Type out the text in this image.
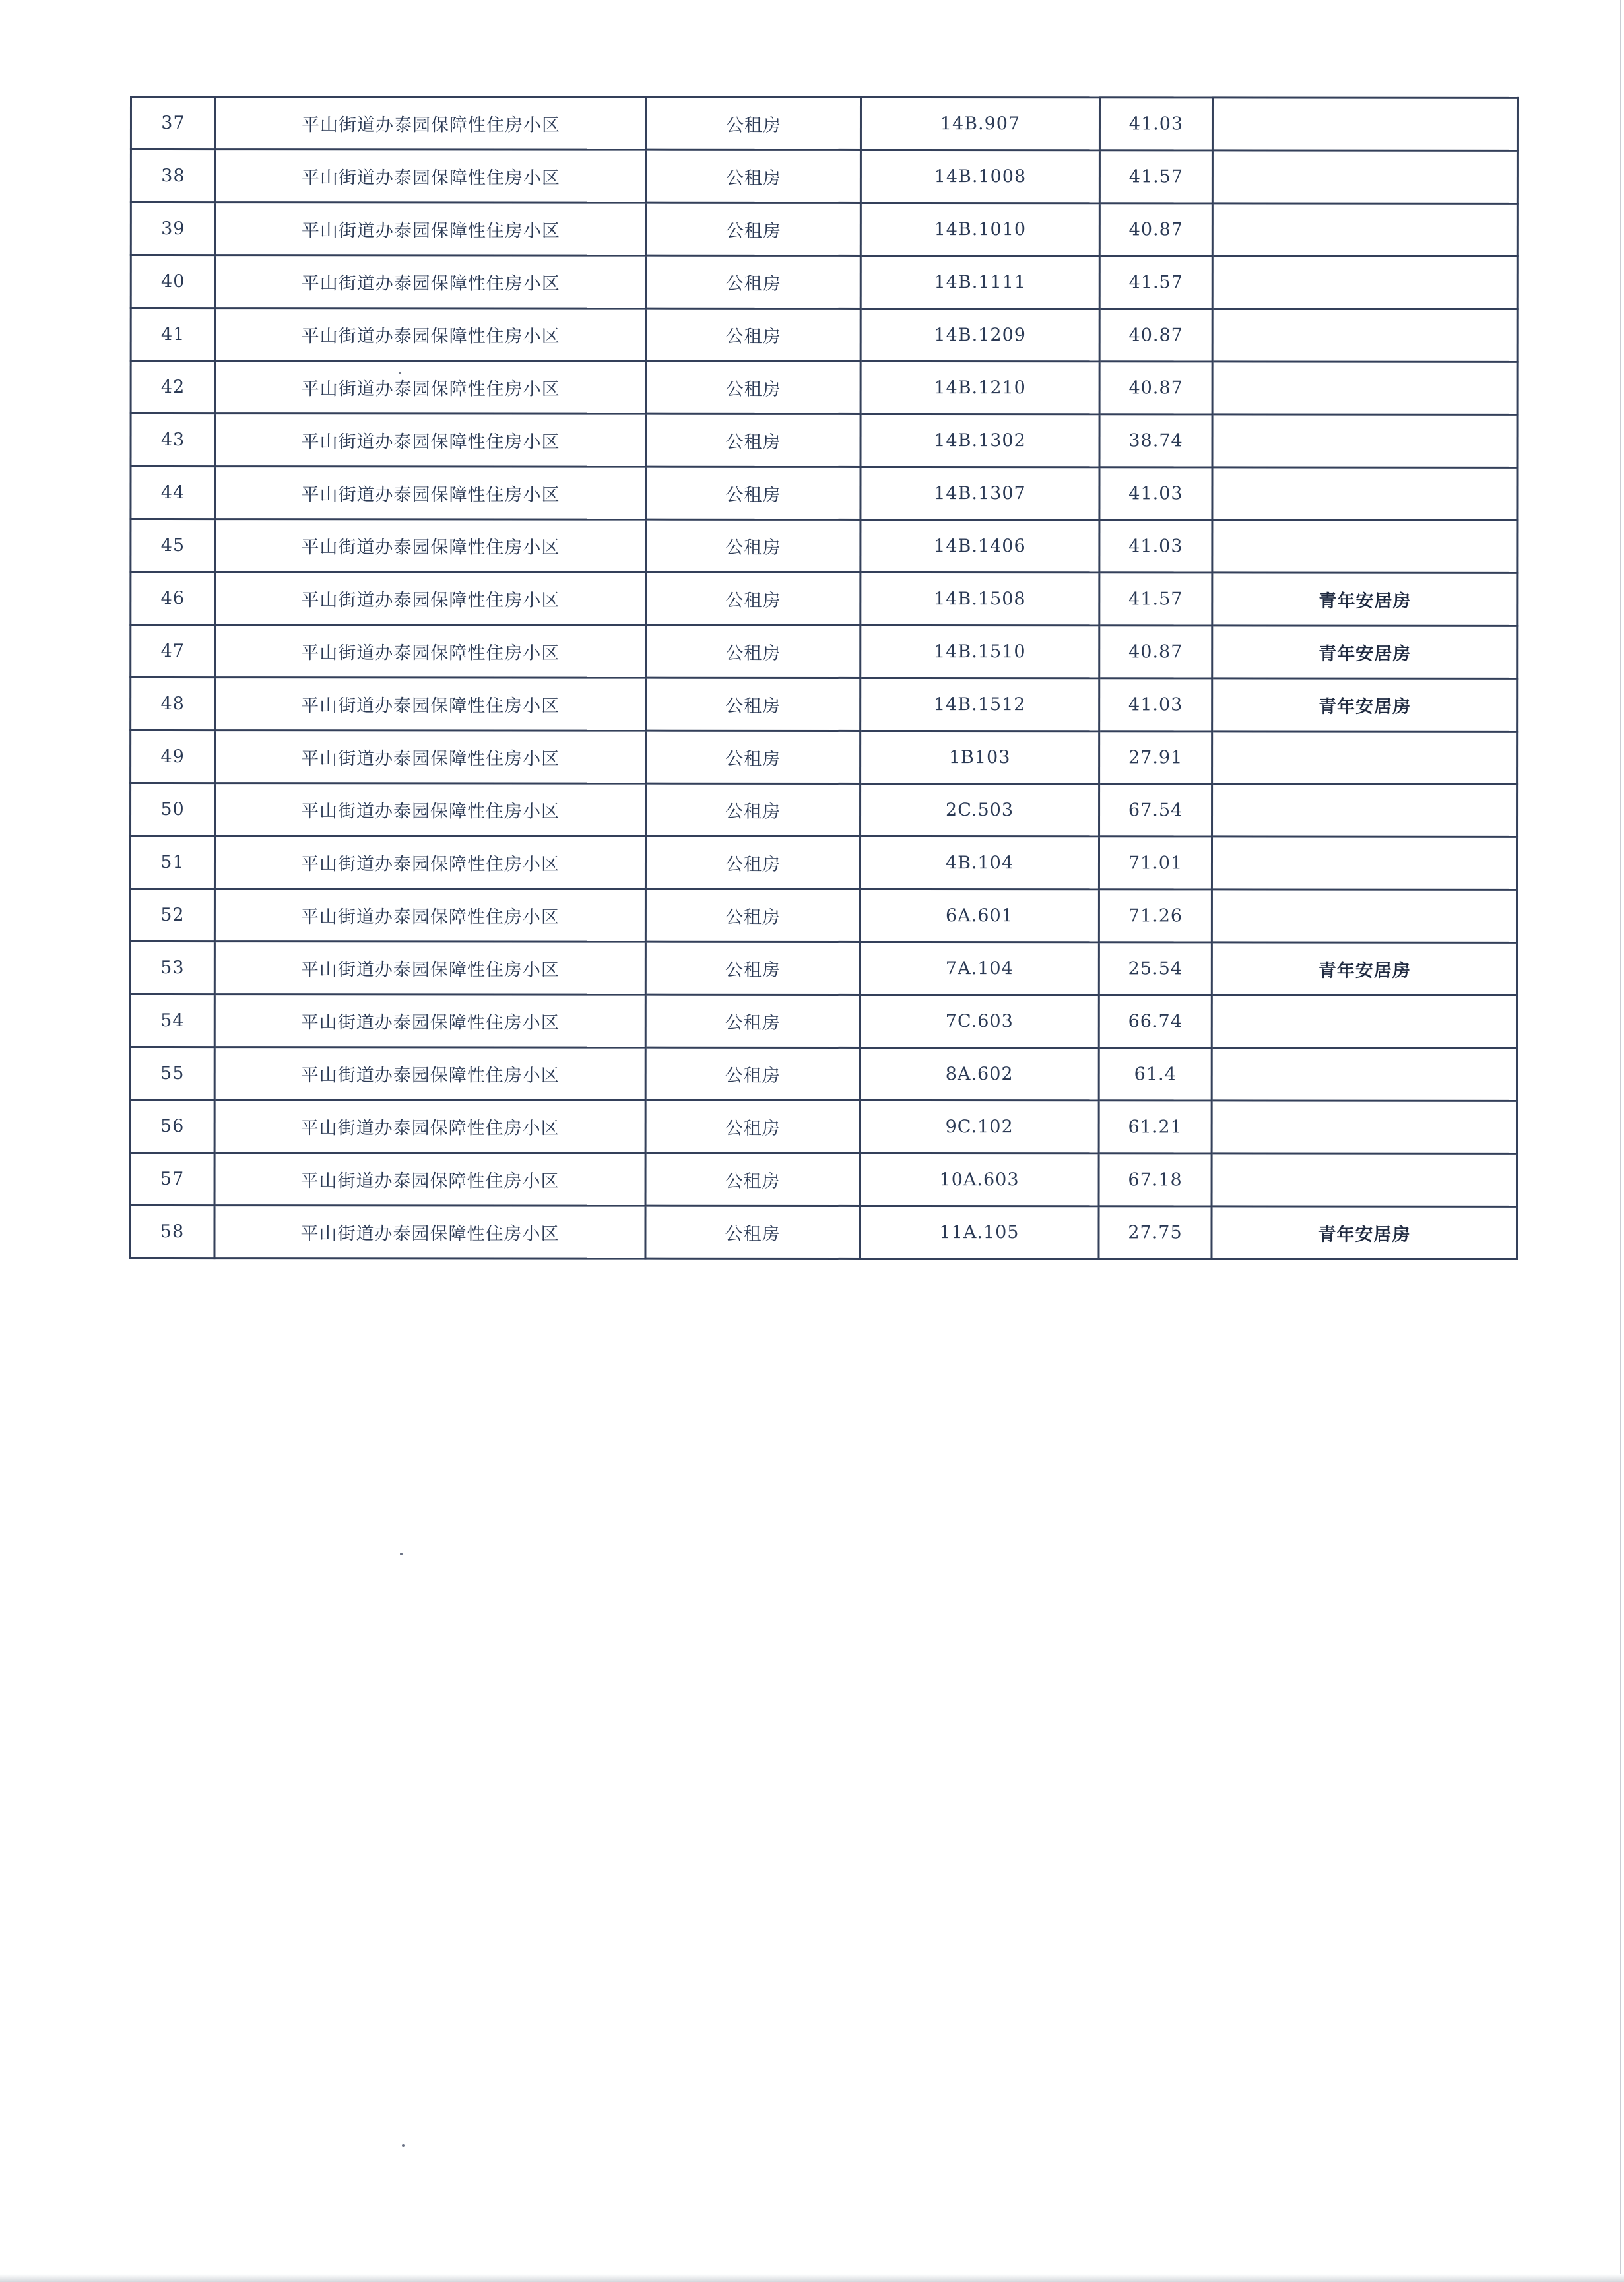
37	平山街道办泰园保障性住房小区	公租房	14B.907	41.03	
38	平山街道办泰园保障性住房小区	公租房	14B.1008	41.57	
39	平山街道办泰园保障性住房小区	公租房	14B.1010	40.87	
40	平山街道办泰园保障性住房小区	公租房	14B.1111	41.57	
41	平山街道办泰园保障性住房小区	公租房	14B.1209	40.87	
42	平山街道办泰园保障性住房小区	公租房	14B.1210	40.87	
43	平山街道办泰园保障性住房小区	公租房	14B.1302	38.74	
44	平山街道办泰园保障性住房小区	公租房	14B.1307	41.03	
45	平山街道办泰园保障性住房小区	公租房	14B.1406	41.03	
46	平山街道办泰园保障性住房小区	公租房	14B.1508	41.57	青年安居房
47	平山街道办泰园保障性住房小区	公租房	14B.1510	40.87	青年安居房
48	平山街道办泰园保障性住房小区	公租房	14B.1512	41.03	青年安居房
49	平山街道办泰园保障性住房小区	公租房	1B103	27.91	
50	平山街道办泰园保障性住房小区	公租房	2C.503	67.54	
51	平山街道办泰园保障性住房小区	公租房	4B.104	71.01	
52	平山街道办泰园保障性住房小区	公租房	6A.601	71.26	
53	平山街道办泰园保障性住房小区	公租房	7A.104	25.54	青年安居房
54	平山街道办泰园保障性住房小区	公租房	7C.603	66.74	
55	平山街道办泰园保障性住房小区	公租房	8A.602	61.4	
56	平山街道办泰园保障性住房小区	公租房	9C.102	61.21	
57	平山街道办泰园保障性住房小区	公租房	10A.603	67.18	
58	平山街道办泰园保障性住房小区	公租房	11A.105	27.75	青年安居房
